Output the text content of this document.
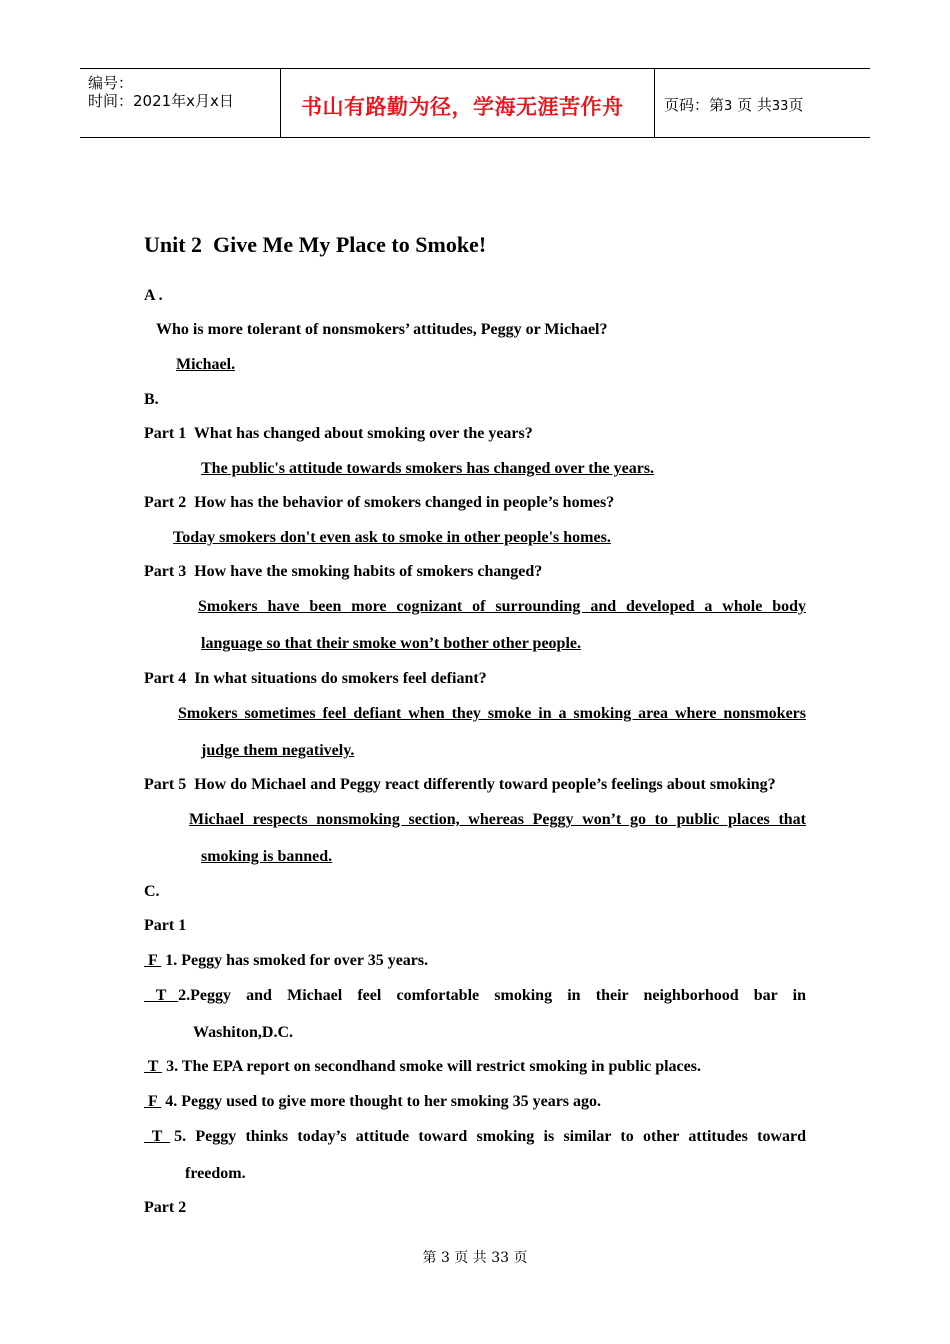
编号：
时间：2021年x月x日	书山有路勤为径，学海无涯苦作舟	页码：第3 页 共33页
Unit 2  Give Me My Place to Smoke!
A .
Who is more tolerant of nonsmokers’ attitudes, Peggy or Michael?
Michael.
B.
Part 1  What has changed about smoking over the years?
The public's attitude towards smokers has changed over the years.
Part 2  How has the behavior of smokers changed in people’s homes?
Today smokers don't even ask to smoke in other people's homes.
Part 3  How have the smoking habits of smokers changed?
Smokers have been more cognizant of surrounding and developed a whole body
language so that their smoke won’t bother other people.
Part 4  In what situations do smokers feel defiant?
Smokers sometimes feel defiant when they smoke in a smoking area where nonsmokers
judge them negatively.
Part 5  How do Michael and Peggy react differently toward people’s feelings about smoking?
Michael respects nonsmoking section, whereas Peggy won’t go to public places that
smoking is banned.
C.
Part 1
F  1. Peggy has smoked for over 35 years.
T 2.Peggy and Michael feel comfortable smoking in their neighborhood bar in
Washiton,D.C.
T  3. The EPA report on secondhand smoke will restrict smoking in public places.
F  4. Peggy used to give more thought to her smoking 35 years ago.
T
5. Peggy thinks today’s attitude toward smoking is similar to other attitudes toward
freedom.
Part 2
第 3 页 共 33 页
